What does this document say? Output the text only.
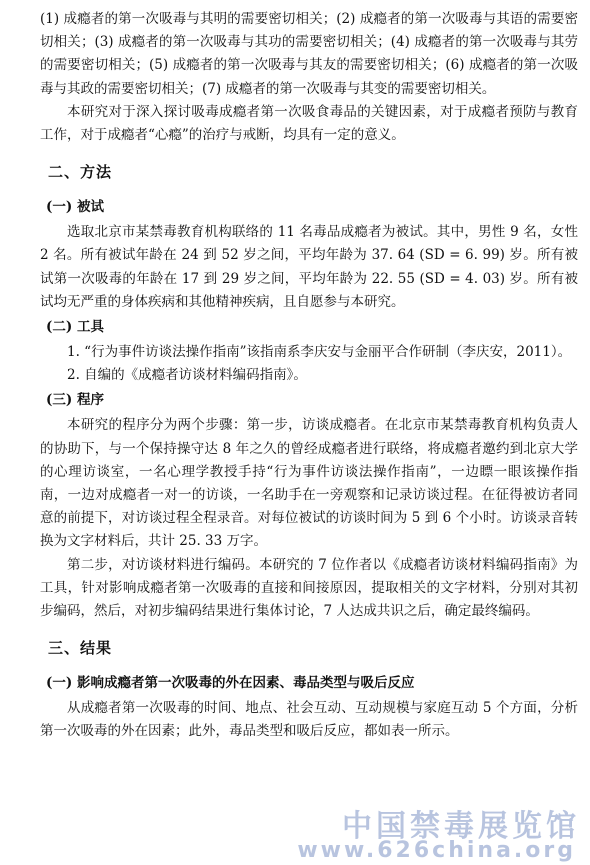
(1) 成瘾者的第一次吸毒与其明的需要密切相关；(2) 成瘾者的第一次吸毒与其语的需要密切相关；(3) 成瘾者的第一次吸毒与其功的需要密切相关；(4) 成瘾者的第一次吸毒与其劳的需要密切相关；(5) 成瘾者的第一次吸毒与其友的需要密切相关；(6) 成瘾者的第一次吸毒与其政的需要密切相关；(7) 成瘾者的第一次吸毒与其变的需要密切相关。

本研究对于深入探讨吸毒成瘾者第一次吸食毒品的关键因素，对于成瘾者预防与教育工作，对于成瘾者“心瘾”的治疗与戒断，均具有一定的意义。

二、方法
(一) 被试

选取北京市某禁毒教育机构联络的 11 名毒品成瘾者为被试。其中，男性 9 名，女性 2 名。所有被试年龄在 24 到 52 岁之间，平均年龄为 37. 64 (SD = 6. 99) 岁。所有被试第一次吸毒的年龄在 17 到 29 岁之间，平均年龄为 22. 55 (SD = 4. 03) 岁。所有被试均无严重的身体疾病和其他精神疾病，且自愿参与本研究。

(二) 工具

1. “行为事件访谈法操作指南”该指南系李庆安与金丽平合作研制（李庆安，2011）。

2. 自编的《成瘾者访谈材料编码指南》。

(三) 程序

本研究的程序分为两个步骤：第一步，访谈成瘾者。在北京市某禁毒教育机构负责人的协助下，与一个保持操守达 8 年之久的曾经成瘾者进行联络，将成瘾者邀约到北京大学的心理访谈室，一名心理学教授手持“行为事件访谈法操作指南”，一边瞟一眼该操作指南，一边对成瘾者一对一的访谈，一名助手在一旁观察和记录访谈过程。在征得被访者同意的前提下，对访谈过程全程录音。对每位被试的访谈时间为 5 到 6 个小时。访谈录音转换为文字材料后，共计 25. 33 万字。

第二步，对访谈材料进行编码。本研究的 7 位作者以《成瘾者访谈材料编码指南》为工具，针对影响成瘾者第一次吸毒的直接和间接原因，提取相关的文字材料，分别对其初步编码，然后，对初步编码结果进行集体讨论，7 人达成共识之后，确定最终编码。

三、结果
(一) 影响成瘾者第一次吸毒的外在因素、毒品类型与吸后反应

从成瘾者第一次吸毒的时间、地点、社会互动、互动规模与家庭互动 5 个方面，分析第一次吸毒的外在因素；此外，毒品类型和吸后反应，都如表一所示。

中国禁毒展览馆
www.626china.org
